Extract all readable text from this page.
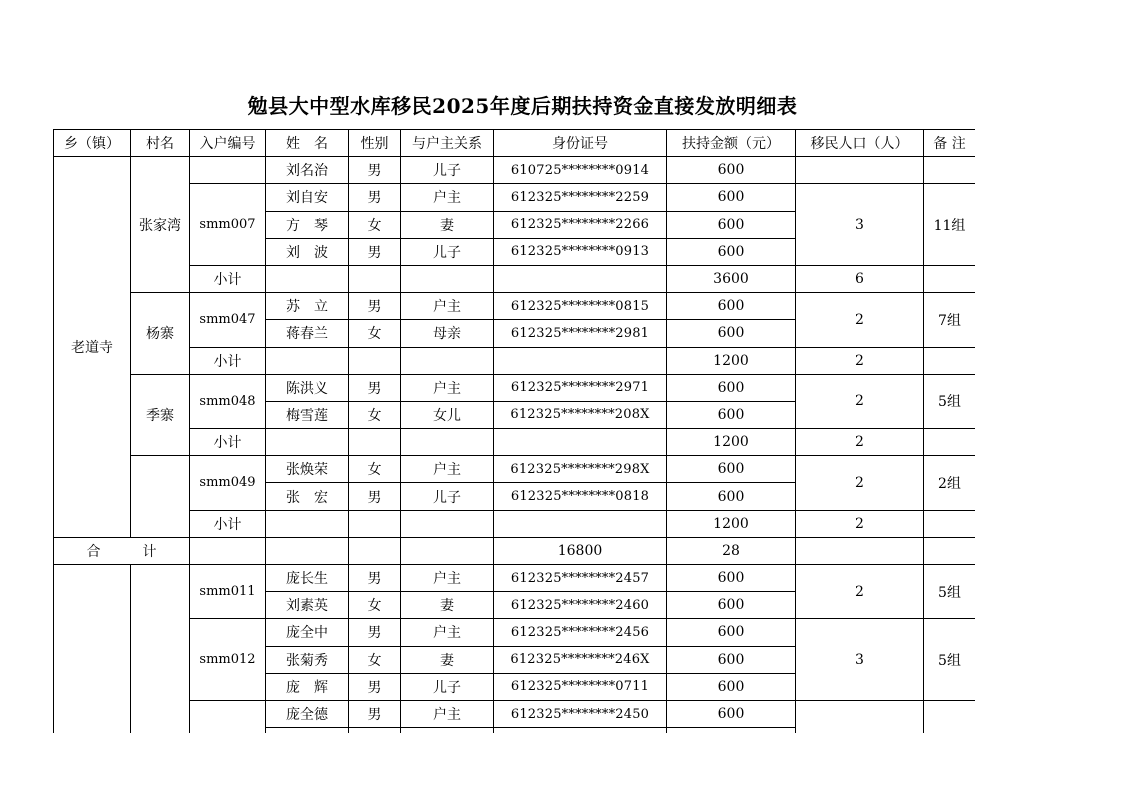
勉县大中型水库移民2025年度后期扶持资金直接发放明细表
乡（镇）	村名	入户编号	姓　名	性别	与户主关系	身份证号	扶持金额（元）	移民人口（人）	备 注
老道寺	张家湾		刘名治	男	儿子	610725********0914	600		
		smm007	刘自安	男	户主	612325********2259	600	3	11组
			方　琴	女	妻	612325********2266	600		
			刘　波	男	儿子	612325********0913	600		
		小计					3600	6	
	杨寨	smm047	苏　立	男	户主	612325********0815	600	2	7组
			蒋春兰	女	母亲	612325********2981	600		
		小计					1200	2	
	季寨	smm048	陈洪义	男	户主	612325********2971	600	2	5组
			梅雪莲	女	女儿	612325********208X	600		
		小计					1200	2	
		smm049	张焕荣	女	户主	612325********298X	600	2	2组
			张　宏	男	儿子	612325********0818	600		
		小计					1200	2	
合　　　计						16800	28		
		smm011	庞长生	男	户主	612325********2457	600	2	5组
			刘素英	女	妻	612325********2460	600		
		smm012	庞全中	男	户主	612325********2456	600	3	5组
			张菊秀	女	妻	612325********246X	600		
			庞　辉	男	儿子	612325********0711	600		
			庞全德	男	户主	612325********2450	600		
